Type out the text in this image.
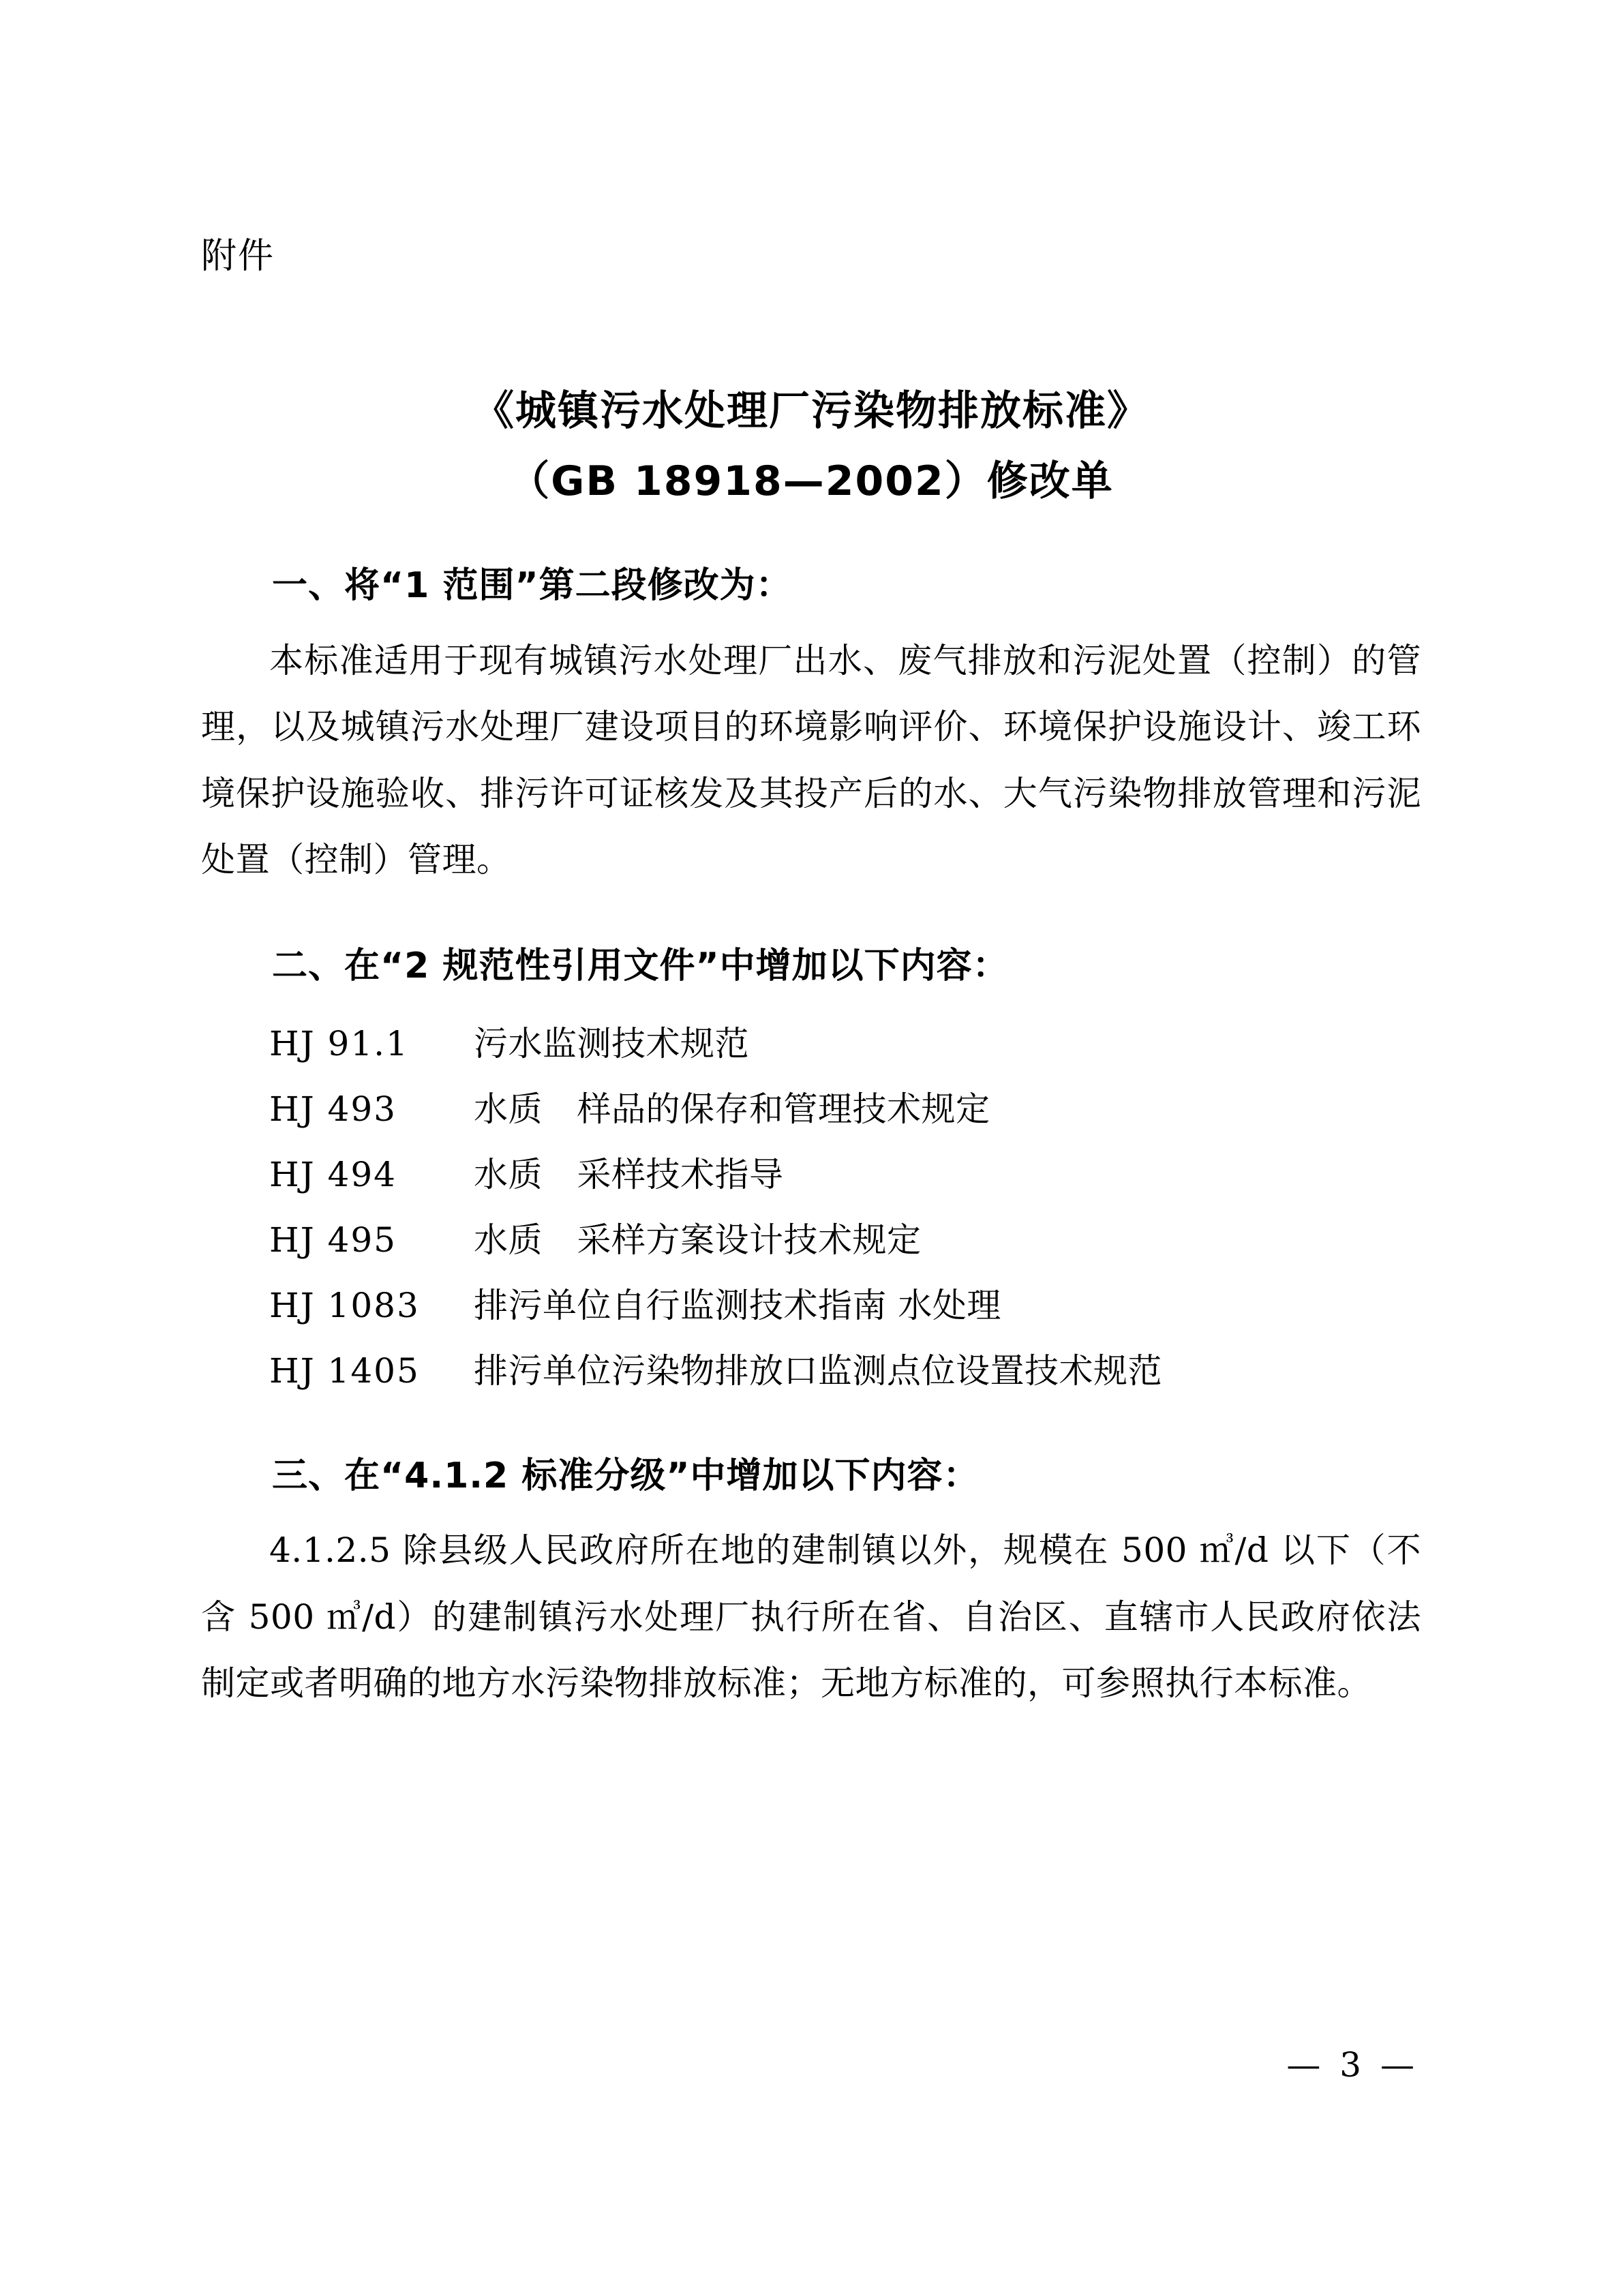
附件
《城镇污水处理厂污染物排放标准》
（GB 18918—2002）修改单
一、将“1 范围”第二段修改为：
本标准适用于现有城镇污水处理厂出水、废气排放和污泥处置（控制）的管理，以及城镇污水处理厂建设项目的环境影响评价、环境保护设施设计、竣工环境保护设施验收、排污许可证核发及其投产后的水、大气污染物排放管理和污泥处置（控制）管理。
二、在“2 规范性引用文件”中增加以下内容：
HJ 91.1	污水监测技术规范
HJ 493	水质　样品的保存和管理技术规定
HJ 494	水质　采样技术指导
HJ 495	水质　采样方案设计技术规定
HJ 1083	排污单位自行监测技术指南 水处理
HJ 1405	排污单位污染物排放口监测点位设置技术规范
三、在“4.1.2 标准分级”中增加以下内容：
4.1.2.5 除县级人民政府所在地的建制镇以外，规模在 500 ㎥/d 以下（不含 500 ㎥/d）的建制镇污水处理厂执行所在省、自治区、直辖市人民政府依法制定或者明确的地方水污染物排放标准；无地方标准的，可参照执行本标准。
— 3 —
